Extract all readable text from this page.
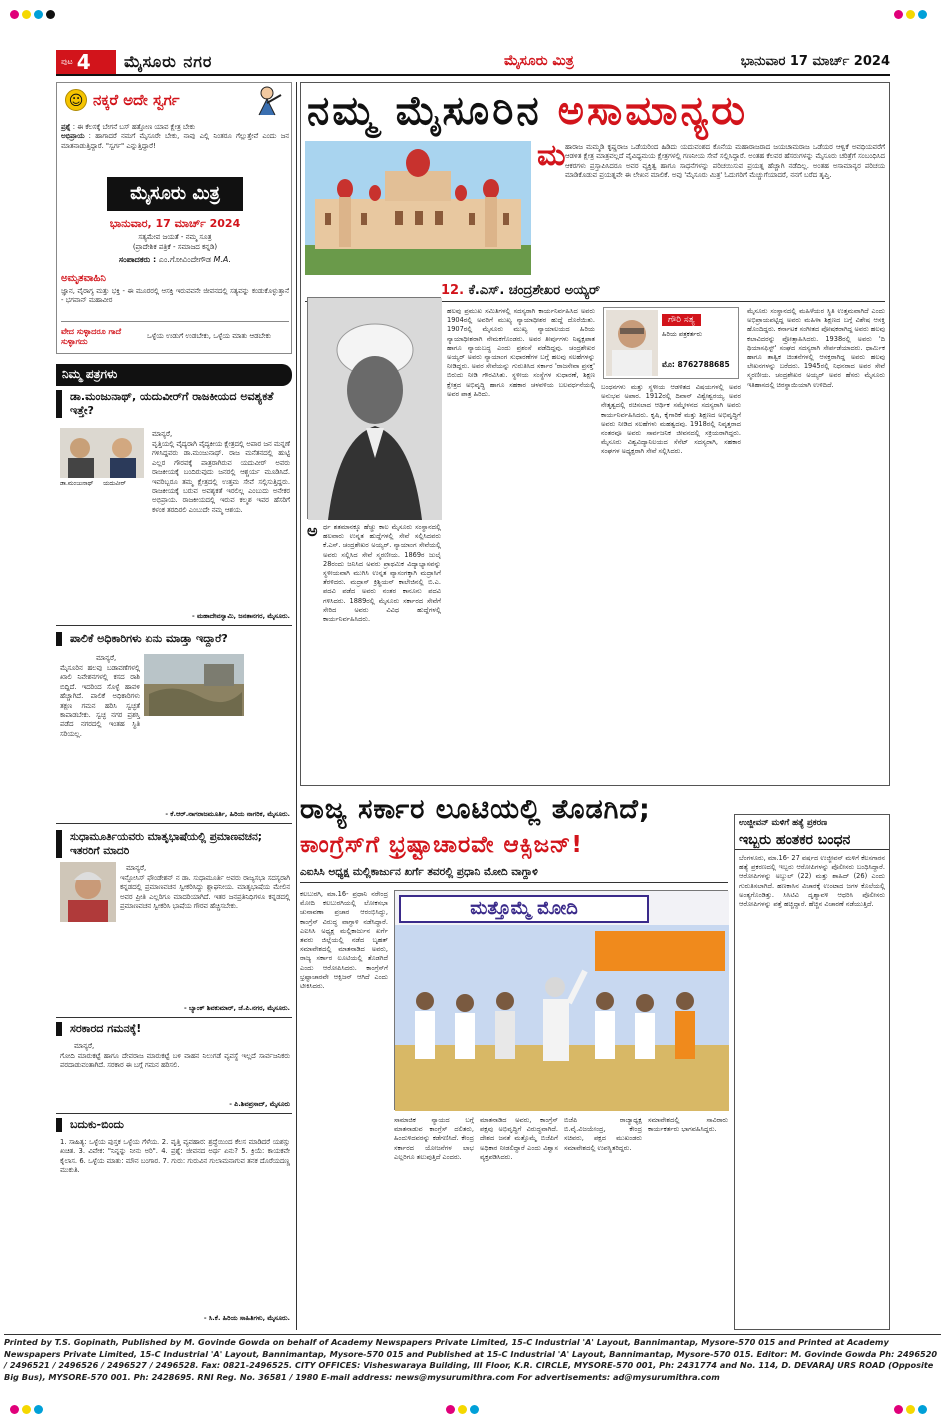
ಪುಟ 4 ಮೈಸೂರು ನಗರ	ಮೈಸೂರು ಮಿತ್ರ	ಭಾನುವಾರ 17 ಮಾರ್ಚ್ 2024
☺ ನಕ್ಕರೆ ಅದೇ ಸ್ವರ್ಗ
ಪ್ರಶ್ನೆ : ಈ ಕೆಲಸಕ್ಕೆ ಬೇಗನೆ ಬಸ್ ಹತ್ತೋಣ ಯಾವ ಕ್ಷೇತ್ರ ಬೇಕು
ಅಭಿಪ್ರಾಯ : ಹಾಗಾದರೆ ನಮಗೆ ಮೈಸೂರೇ ಬೇಕು, ನಾವು ಎಲ್ಲಿ ನಿಂತರೂ ಗೆಲ್ಲುತ್ತೇವೆ ಎಂದು ಜನ ಮಾತನಾಡುತ್ತಿದ್ದಾರೆ. "ಸ್ವರ್ಗ" ಎನ್ನುತ್ತಿದ್ದಾರೆ!
ಮೈಸೂರು ಮಿತ್ರ
ಭಾನುವಾರ, 17 ಮಾರ್ಚ್ 2024
ಸತ್ಯಮೇವ ಜಯತೆ - ನಮ್ಮ ಸೂತ್ರ
(ಪ್ರಾದೇಶಿಕ ಪತ್ರಿಕೆ - ಸಮಾಜದ ಕನ್ನಡಿ)
ಸಂಪಾದಕರು : ಎಂ.ಗೋವಿಂದೇಗೌಡ M.A.
ಅಮೃತವಾಹಿನಿ
ಜ್ಞಾನ, ವೈರಾಗ್ಯ ಮತ್ತು ಭಕ್ತಿ - ಈ ಮೂರರಲ್ಲಿ ಆಸಕ್ತಿ ಇರುವವನೇ ಜೀವನದಲ್ಲಿ ಸತ್ಯವನ್ನು ಕಂಡುಕೊಳ್ಳುತ್ತಾನೆ - ಭಗವಾನ್ ಮಹಾವೀರ
ವೇದ ಸುಳ್ಳಾದರೂ ಗಾದೆ ಸುಳ್ಳಾಗದು
ಒಳ್ಳೆಯ ಉಡುಗೆ ಉಡಬೇಕು, ಒಳ್ಳೆಯ ಮಾತು ಆಡಬೇಕು
ನಿಮ್ಮ ಪತ್ರಗಳು
ಡಾ.ಮಂಜುನಾಥ್, ಯದುವೀರ್‌ಗೆ ರಾಜಕೀಯದ ಅವಶ್ಯಕತೆ ಇತ್ತೇ?
ಡಾ.ಮಂಜುನಾಥ್     ಯದುವೀರ್
ಮಾನ್ಯರೆ,
ವೃತ್ತಿಯಲ್ಲಿ ವೈದ್ಯರಾಗಿ ವೈದ್ಯಕೀಯ ಕ್ಷೇತ್ರದಲ್ಲಿ ಅಪಾರ ಜನ ಮನ್ನಣೆ ಗಳಿಸಿದ್ದವರು ಡಾ.ಮಂಜುನಾಥ್. ರಾಜ ಮನೆತನದಲ್ಲಿ ಹುಟ್ಟಿ ಎಲ್ಲರ ಗೌರವಕ್ಕೆ ಪಾತ್ರರಾಗಿರುವ ಯದುವೀರ್ ಅವರು ರಾಜಕೀಯಕ್ಕೆ ಬಂದಿರುವುದು ಜನರಲ್ಲಿ ಆಶ್ಚರ್ಯ ಮೂಡಿಸಿದೆ. ಇವರಿಬ್ಬರೂ ತಮ್ಮ ಕ್ಷೇತ್ರದಲ್ಲಿ ಉತ್ತಮ ಸೇವೆ ಸಲ್ಲಿಸುತ್ತಿದ್ದರು. ರಾಜಕೀಯಕ್ಕೆ ಬರುವ ಅವಶ್ಯಕತೆ ಇರಲಿಲ್ಲ ಎಂಬುದು ಅನೇಕರ ಅಭಿಪ್ರಾಯ. ರಾಜಕೀಯದಲ್ಲಿ ಇರುವ ಕಲ್ಮಶ ಇವರ ಹೆಸರಿಗೆ ಕಳಂಕ ತರದಿರಲಿ ಎಂಬುದೇ ನಮ್ಮ ಆಶಯ.
- ಮಹಾದೇವಸ್ವಾಮಿ, ಜನತಾನಗರ, ಮೈಸೂರು.
ಪಾಲಿಕೆ ಅಧಿಕಾರಿಗಳು ಏನು ಮಾಡ್ತಾ ಇದ್ದಾರೆ?
ಮಾನ್ಯರೆ,
ಮೈಸೂರಿನ ಹಲವು ಬಡಾವಣೆಗಳಲ್ಲಿ ಖಾಲಿ ನಿವೇಶನಗಳಲ್ಲಿ ಕಸದ ರಾಶಿ ಬಿದ್ದಿದೆ. ಇದರಿಂದ ಸೊಳ್ಳೆ ಹಾವಳಿ ಹೆಚ್ಚಾಗಿದೆ. ಪಾಲಿಕೆ ಅಧಿಕಾರಿಗಳು ತಕ್ಷಣ ಗಮನ ಹರಿಸಿ ಸ್ವಚ್ಛತೆ ಕಾಪಾಡಬೇಕು. ಸ್ವಚ್ಛ ನಗರ ಪ್ರಶಸ್ತಿ ಪಡೆದ ನಗರದಲ್ಲಿ ಇಂತಹ ಸ್ಥಿತಿ ಸರಿಯಲ್ಲ.
- ಕೆ.ಆರ್.ನಾಗರಾಜಮೂರ್ತಿ, ಹಿರಿಯ ನಾಗರಿಕ, ಮೈಸೂರು.
ಸುಧಾಮೂರ್ತಿಯವರು ಮಾತೃಭಾಷೆಯಲ್ಲಿ ಪ್ರಮಾಣವಚನ; ಇತರರಿಗೆ ಮಾದರಿ
ಮಾನ್ಯರೆ,
ಇನ್ಫೋಸಿಸ್ ಫೌಂಡೇಶನ್ ನ ಡಾ. ಸುಧಾಮೂರ್ತಿ ಅವರು ರಾಜ್ಯಸಭಾ ಸದಸ್ಯರಾಗಿ ಕನ್ನಡದಲ್ಲಿ ಪ್ರಮಾಣವಚನ ಸ್ವೀಕರಿಸಿದ್ದು ಶ್ಲಾಘನೀಯ. ಮಾತೃಭಾಷೆಯ ಮೇಲಿನ ಅವರ ಪ್ರೀತಿ ಎಲ್ಲರಿಗೂ ಮಾದರಿಯಾಗಿದೆ. ಇತರ ಜನಪ್ರತಿನಿಧಿಗಳೂ ಕನ್ನಡದಲ್ಲಿ ಪ್ರಮಾಣವಚನ ಸ್ವೀಕರಿಸಿ ಭಾಷೆಯ ಗೌರವ ಹೆಚ್ಚಿಸಬೇಕು.
- ಬ್ಯಾಂಕ್ ಶಿವಕುಮಾರ್, ಜೆ.ಪಿ.ನಗರ, ಮೈಸೂರು.
ಸರಕಾರದ ಗಮನಕ್ಕೆ!
ಮಾನ್ಯರೆ,
ಗೋದಿ ಮಾರುಕಟ್ಟೆ ಹಾಗೂ ದೇವರಾಜ ಮಾರುಕಟ್ಟೆ ಬಳಿ ವಾಹನ ನಿಲುಗಡೆ ವ್ಯವಸ್ಥೆ ಇಲ್ಲದೆ ಸಾರ್ವಜನಿಕರು ಪರದಾಡುವಂತಾಗಿದೆ. ಸರಕಾರ ಈ ಬಗ್ಗೆ ಗಮನ ಹರಿಸಲಿ.
- ಪಿ.ಶಿವಪ್ರಸಾದ್, ಮೈಸೂರು
ಬದುಕು-ಬಿಂದು
1. ಸಾಹಿತ್ಯ: ಒಳ್ಳೆಯ ಪುಸ್ತಕ ಒಳ್ಳೆಯ ಗೆಳೆಯ. 2. ವೃತ್ತಿ ವ್ಯವಹಾರ: ಶ್ರದ್ಧೆಯಿಂದ ಕೆಲಸ ಮಾಡಿದರೆ ಯಶಸ್ಸು ಖಚಿತ. 3. ವಿವೇಕ: "ನಿನ್ನನ್ನು ನೀನು ಅರಿ". 4. ಪ್ರಶ್ನೆ: ಜೀವನದ ಅರ್ಥ ಏನು? 5. ಕ್ರಿಯೆ: ಕಾಯಕವೇ ಕೈಲಾಸ. 6. ಒಳ್ಳೆಯ ಮಾತು: ಮೌನ ಬಂಗಾರ. 7. ಗುರು: ಗುರುವಿನ ಗುಲಾಮನಾಗುವ ತನಕ ದೊರೆಯದಣ್ಣ ಮುಕುತಿ.
- ಸಿ.ಕೆ. ಹಿರಿಯ ಸಾಹಿತಿಗಳು, ಮೈಸೂರು.
ನಮ್ಮ ಮೈಸೂರಿನ ಅಸಾಮಾನ್ಯರು
ಮ ಹಾರಾಜ ಮಮ್ಮಡಿ ಕೃಷ್ಣರಾಜ ಒಡೆಯರಿಂದ ಹಿಡಿದು ಯದುವಂಶದ ಕೊನೆಯ ಮಹಾರಾಜರಾದ ಜಯಚಾಮರಾಜ ಒಡೆಯರ ಆಳ್ವಿಕೆ ಅವಧಿಯವರೆಗೆ ಆಡಳಿತ ಕ್ಷೇತ್ರ ಮಾತ್ರವಲ್ಲದೆ ವೈವಿಧ್ಯಮಯ ಕ್ಷೇತ್ರಗಳಲ್ಲಿ ಗಣನೀಯ ಸೇವೆ ಸಲ್ಲಿಸಿದ್ದಾರೆ. ಅಂತಹ ಕೆಲವರ ಹೆಸರುಗಳನ್ನು ಮೈಸೂರು ಚರಿತ್ರೆಗೆ ಸಂಬಂಧಿಸಿದ ಆಕರಗಳು ಪ್ರಸ್ತಾಪಿಸಿದರೂ ಅವರ ವ್ಯಕ್ತಿತ್ವ ಹಾಗೂ ಸಾಧನೆಗಳನ್ನು ಪರಿಚಯಿಸುವ ಪ್ರಯತ್ನ ಹೆಚ್ಚಾಗಿ ನಡೆದಿಲ್ಲ. ಅಂತಹ ಅಸಾಮಾನ್ಯರ ಪರಿಚಯ ಮಾಡಿಕೊಡುವ ಪ್ರಯತ್ನವೇ ಈ ಲೇಖನ ಮಾಲಿಕೆ. ಅವು 'ಮೈಸೂರು ಮಿತ್ರ' ಓದುಗರಿಗೆ ಮೆಚ್ಚುಗೆಯಾದರೆ, ನನಗೆ ಬರೆದ ತೃಪ್ತಿ.
12. ಕೆ.ಎಸ್. ಚಂದ್ರಶೇಖರ ಅಯ್ಯರ್
ಅ ರ್ಧ ಶತಮಾನಕ್ಕೂ ಹೆಚ್ಚು ಕಾಲ ಮೈಸೂರು ಸಂಸ್ಥಾನದಲ್ಲಿ ಹಲವಾರು ಉನ್ನತ ಹುದ್ದೆಗಳಲ್ಲಿ ಸೇವೆ ಸಲ್ಲಿಸಿದವರು ಕೆ.ಎಸ್. ಚಂದ್ರಶೇಖರ ಅಯ್ಯರ್. ನ್ಯಾಯಾಂಗ ಸೇವೆಯಲ್ಲಿ ಅವರು ಸಲ್ಲಿಸಿದ ಸೇವೆ ಸ್ಮರಣೀಯ. 1869ರ ಜುಲೈ 28ರಂದು ಜನಿಸಿದ ಅವರು ಪ್ರಾಥಮಿಕ ವಿದ್ಯಾಭ್ಯಾಸವನ್ನು ಸ್ಥಳೀಯವಾಗಿ ಮುಗಿಸಿ ಉನ್ನತ ವ್ಯಾಸಂಗಕ್ಕಾಗಿ ಮದ್ರಾಸಿಗೆ ತೆರಳಿದರು. ಮದ್ರಾಸ್ ಕ್ರಿಶ್ಚಿಯನ್ ಕಾಲೇಜಿನಲ್ಲಿ ಬಿ.ಎ. ಪದವಿ ಪಡೆದ ಅವರು ನಂತರ ಕಾನೂನು ಪದವಿ ಗಳಿಸಿದರು. 1889ರಲ್ಲಿ ಮೈಸೂರು ಸರ್ಕಾರದ ಸೇವೆಗೆ ಸೇರಿದ ಅವರು ವಿವಿಧ ಹುದ್ದೆಗಳಲ್ಲಿ ಕಾರ್ಯನಿರ್ವಹಿಸಿದರು.
ಹಲವು ಪ್ರಮುಖ ಸಮಿತಿಗಳಲ್ಲಿ ಸದಸ್ಯರಾಗಿ ಕಾರ್ಯನಿರ್ವಹಿಸಿದ ಅವರು 1904ರಲ್ಲಿ ಅವರಿಗೆ ಮುಖ್ಯ ನ್ಯಾಯಾಧೀಶರ ಹುದ್ದೆ ದೊರೆಯಿತು. 1907ರಲ್ಲಿ ಮೈಸೂರು ಮುಖ್ಯ ನ್ಯಾಯಾಲಯದ ಹಿರಿಯ ನ್ಯಾಯಾಧೀಶರಾಗಿ ನೇಮಕಗೊಂಡರು. ಅವರ ತೀರ್ಪುಗಳು ನಿಷ್ಪಕ್ಷಪಾತ ಹಾಗೂ ನ್ಯಾಯಬದ್ಧ ಎಂದು ಪ್ರಶಂಸೆ ಪಡೆದಿದ್ದವು. ಚಂದ್ರಶೇಖರ ಅಯ್ಯರ್ ಅವರು ನ್ಯಾಯಾಂಗ ಸುಧಾರಣೆಗಳ ಬಗ್ಗೆ ಹಲವು ಸಲಹೆಗಳನ್ನು ನೀಡಿದ್ದರು. ಅವರ ಸೇವೆಯನ್ನು ಗುರುತಿಸಿದ ಸರ್ಕಾರ 'ರಾಜಸೇವಾ ಪ್ರಸಕ್ತ' ಬಿರುದು ನೀಡಿ ಗೌರವಿಸಿತು. ಸ್ಥಳೀಯ ಸಂಸ್ಥೆಗಳ ಸುಧಾರಣೆ, ಶಿಕ್ಷಣ ಕ್ಷೇತ್ರದ ಅಭಿವೃದ್ಧಿ ಹಾಗೂ ಸಹಕಾರ ಚಳವಳಿಯ ಬಲವರ್ಧನೆಯಲ್ಲಿ ಅವರ ಪಾತ್ರ ಹಿರಿದು.
ಗೌರಿ ಸತ್ಯ
ಹಿರಿಯ ಪತ್ರಕರ್ತರು
ಮೊ: 8762788685
ಬಂಧನಗಳು ಮತ್ತು ಸ್ಥಳೀಯ ಆಡಳಿತದ ವಿಷಯಗಳಲ್ಲಿ ಅವರ ಅನುಭವ ಅಪಾರ. 1912ರಲ್ಲಿ ದಿವಾನ್ ವಿಶ್ವೇಶ್ವರಯ್ಯ ಅವರ ನೇತೃತ್ವದಲ್ಲಿ ರಚಿಸಲಾದ ಆರ್ಥಿಕ ಸಮ್ಮೇಳನದ ಸದಸ್ಯರಾಗಿ ಅವರು ಕಾರ್ಯನಿರ್ವಹಿಸಿದರು. ಕೃಷಿ, ಕೈಗಾರಿಕೆ ಮತ್ತು ಶಿಕ್ಷಣದ ಅಭಿವೃದ್ಧಿಗೆ ಅವರು ನೀಡಿದ ಸಲಹೆಗಳು ಮಹತ್ವದವು. 1918ರಲ್ಲಿ ನಿವೃತ್ತರಾದ ನಂತರವೂ ಅವರು ಸಾರ್ವಜನಿಕ ಜೀವನದಲ್ಲಿ ಸಕ್ರಿಯರಾಗಿದ್ದರು. ಮೈಸೂರು ವಿಶ್ವವಿದ್ಯಾನಿಲಯದ ಸೆನೆಟ್ ಸದಸ್ಯರಾಗಿ, ಸಹಕಾರ ಸಂಘಗಳ ಅಧ್ಯಕ್ಷರಾಗಿ ಸೇವೆ ಸಲ್ಲಿಸಿದರು.
ಮೈಸೂರು ಸಂಸ್ಥಾನದಲ್ಲಿ ಮಹಿಳೆಯರ ಸ್ಥಿತಿ ಉತ್ತಮವಾಗಿದೆ ಎಂದು ಅಭಿಪ್ರಾಯಪಟ್ಟಿದ್ದ ಅವರು ಮಹಿಳಾ ಶಿಕ್ಷಣದ ಬಗ್ಗೆ ವಿಶೇಷ ಆಸಕ್ತಿ ಹೊಂದಿದ್ದರು. ಕರ್ನಾಟಕ ಸಂಗೀತದ ಪೋಷಕರಾಗಿದ್ದ ಅವರು ಹಲವು ಕಲಾವಿದರನ್ನು ಪ್ರೋತ್ಸಾಹಿಸಿದರು. 1938ರಲ್ಲಿ ಅವರು 'ದಿ ಥಿಯಾಸಫಿಸ್ಟ್' ಸಂಘದ ಸದಸ್ಯರಾಗಿ ಸೇರ್ಪಡೆಯಾದರು. ಧಾರ್ಮಿಕ ಹಾಗೂ ತಾತ್ವಿಕ ಚಿಂತನೆಗಳಲ್ಲಿ ಆಸಕ್ತರಾಗಿದ್ದ ಅವರು ಹಲವು ಲೇಖನಗಳನ್ನು ಬರೆದರು. 1945ರಲ್ಲಿ ನಿಧನರಾದ ಅವರ ಸೇವೆ ಸ್ಮರಣೀಯ. ಚಂದ್ರಶೇಖರ ಅಯ್ಯರ್ ಅವರ ಹೆಸರು ಮೈಸೂರು ಇತಿಹಾಸದಲ್ಲಿ ಚಿರಸ್ಥಾಯಿಯಾಗಿ ಉಳಿದಿದೆ.
ರಾಜ್ಯ ಸರ್ಕಾರ ಲೂಟಿಯಲ್ಲಿ ತೊಡಗಿದೆ;
ಕಾಂಗ್ರೆಸ್‌ಗೆ ಭ್ರಷ್ಟಾಚಾರವೇ ಆಕ್ಸಿಜನ್!
ಎಐಸಿಸಿ ಅಧ್ಯಕ್ಷ ಮಲ್ಲಿಕಾರ್ಜುನ ಖರ್ಗೆ ತವರಲ್ಲಿ ಪ್ರಧಾನಿ ಮೋದಿ ವಾಗ್ದಾಳಿ
ಕಲಬುರಗಿ, ಮಾ.16- ಪ್ರಧಾನಿ ನರೇಂದ್ರ ಮೋದಿ ಕಲಬುರಗಿಯಲ್ಲಿ ಲೋಕಸಭಾ ಚುನಾವಣಾ ಪ್ರಚಾರ ಆರಂಭಿಸಿದ್ದು, ಕಾಂಗ್ರೆಸ್ ವಿರುದ್ಧ ವಾಗ್ದಾಳಿ ನಡೆಸಿದ್ದಾರೆ. ಎಐಸಿಸಿ ಅಧ್ಯಕ್ಷ ಮಲ್ಲಿಕಾರ್ಜುನ ಖರ್ಗೆ ತವರು ಜಿಲ್ಲೆಯಲ್ಲಿ ನಡೆದ ಬೃಹತ್ ಸಮಾವೇಶದಲ್ಲಿ ಮಾತನಾಡಿದ ಅವರು, ರಾಜ್ಯ ಸರ್ಕಾರ ಲೂಟಿಯಲ್ಲಿ ತೊಡಗಿದೆ ಎಂದು ಆರೋಪಿಸಿದರು. ಕಾಂಗ್ರೆಸ್‌ಗೆ ಭ್ರಷ್ಟಾಚಾರವೇ ಆಕ್ಸಿಜನ್ ಆಗಿದೆ ಎಂದು ಟೀಕಿಸಿದರು.
ಮತ್ತೊಮ್ಮೆ ಮೋದಿ
ಸಾಮಾಜಿಕ ನ್ಯಾಯದ ಬಗ್ಗೆ ಮಾತನಾಡುವ ಕಾಂಗ್ರೆಸ್ ದಲಿತರು, ಹಿಂದುಳಿದವರನ್ನು ಕಡೆಗಣಿಸಿದೆ. ಕೇಂದ್ರ ಸರ್ಕಾರದ ಯೋಜನೆಗಳ ಲಾಭ ಎಲ್ಲರಿಗೂ ತಲುಪುತ್ತಿದೆ ಎಂದರು.
ಮಾತನಾಡಿದ ಅವರು, ಕಾಂಗ್ರೆಸ್ ಪಕ್ಷವು ಅಭಿವೃದ್ಧಿಗೆ ವಿರುದ್ಧವಾಗಿದೆ. ದೇಶದ ಜನತೆ ಮತ್ತೊಮ್ಮೆ ಬಿಜೆಪಿಗೆ ಅಧಿಕಾರ ನೀಡಲಿದ್ದಾರೆ ಎಂದು ವಿಶ್ವಾಸ ವ್ಯಕ್ತಪಡಿಸಿದರು.
ಬಿಜೆಪಿ ರಾಜ್ಯಾಧ್ಯಕ್ಷ ಬಿ.ವೈ.ವಿಜಯೇಂದ್ರ, ಕೇಂದ್ರ ಸಚಿವರು, ಪಕ್ಷದ ಮುಖಂಡರು ಸಮಾವೇಶದಲ್ಲಿ ಉಪಸ್ಥಿತರಿದ್ದರು.
ಸಮಾವೇಶದಲ್ಲಿ ಸಾವಿರಾರು ಕಾರ್ಯಕರ್ತರು ಭಾಗವಹಿಸಿದ್ದರು.
ಉಜ್ಜೀವನ್ ಮಳಿಗೆ ಹತ್ಯೆ ಪ್ರಕರಣ
ಇಬ್ಬರು ಹಂತಕರ ಬಂಧನ
ಬೆಂಗಳೂರು, ಮಾ.16- 27 ವರ್ಷದ ಉಜ್ಜೀವನ್ ಮಳಿಗೆ ಕೆಲಸಗಾರನ ಹತ್ಯೆ ಪ್ರಕರಣದಲ್ಲಿ ಇಬ್ಬರು ಆರೋಪಿಗಳನ್ನು ಪೊಲೀಸರು ಬಂಧಿಸಿದ್ದಾರೆ. ಆರೋಪಿಗಳನ್ನು ಅಬ್ದುಲ್ (22) ಮತ್ತು ಶಾಹಿದ್ (26) ಎಂದು ಗುರುತಿಸಲಾಗಿದೆ. ಹಣಕಾಸಿನ ವಿಚಾರಕ್ಕೆ ಉಂಟಾದ ಜಗಳ ಕೊಲೆಯಲ್ಲಿ ಅಂತ್ಯಗೊಂಡಿತ್ತು. ಸಿಸಿಟಿವಿ ದೃಶ್ಯಾವಳಿ ಆಧರಿಸಿ ಪೊಲೀಸರು ಆರೋಪಿಗಳನ್ನು ಪತ್ತೆ ಹಚ್ಚಿದ್ದಾರೆ. ಹೆಚ್ಚಿನ ವಿಚಾರಣೆ ನಡೆಯುತ್ತಿದೆ.
Printed by T.S. Gopinath, Published by M. Govinde Gowda on behalf of Academy Newspapers Private Limited, 15-C Industrial 'A' Layout, Bannimantap, Mysore-570 015 and Printed at Academy Newspapers Private Limited, 15-C Industrial 'A' Layout, Bannimantap, Mysore-570 015 and Published at 15-C Industrial 'A' Layout, Bannimantap, Mysore-570 015. Editor: M. Govinde Gowda Ph: 2496520 / 2496521 / 2496526 / 2496527 / 2496528. Fax: 0821-2496525. CITY OFFICES: Visheswaraya Building, III Floor, K.R. CIRCLE, MYSORE-570 001, Ph: 2431774 and No. 114, D. DEVARAJ URS ROAD (Opposite Big Bus), MYSORE-570 001. Ph: 2428695. RNI Reg. No. 36581 / 1980 E-mail address: news@mysurumithra.com For advertisements: ad@mysurumithra.com
